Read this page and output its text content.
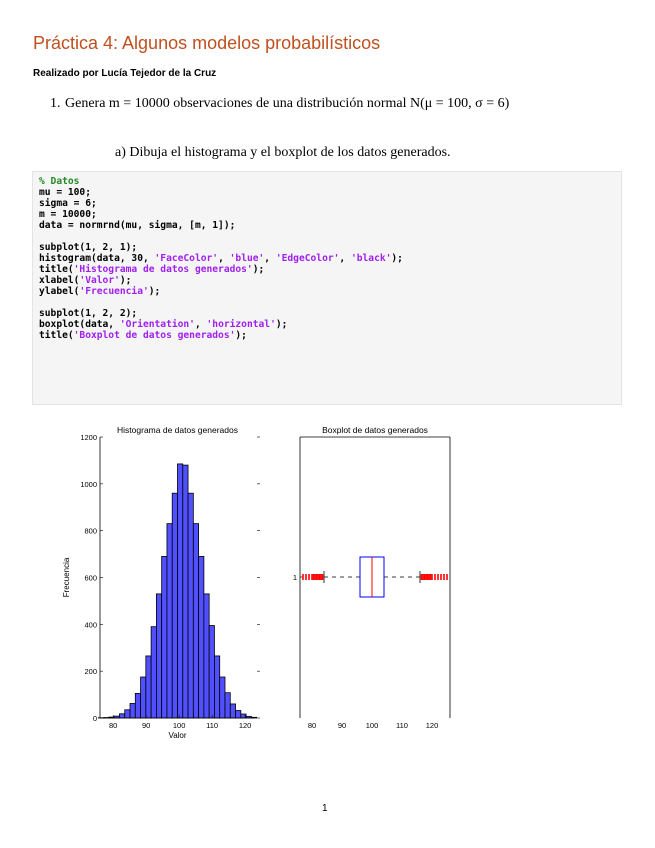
Práctica 4: Algunos modelos probabilísticos
Realizado por Lucía Tejedor de la Cruz
1. Genera m = 10000 observaciones de una distribución normal N(μ = 100, σ = 6)
a) Dibuja el histograma y el boxplot de los datos generados.
% Datos
mu = 100;
sigma = 6;
m = 10000;
data = normrnd(mu, sigma, [m, 1]);
subplot(1, 2, 1);
histogram(data, 30, 'FaceColor', 'blue', 'EdgeColor', 'black');
title('Histograma de datos generados');
xlabel('Valor');
ylabel('Frecuencia');
subplot(1, 2, 2);
boxplot(data, 'Orientation', 'horizontal');
title('Boxplot de datos generados');
0
200
400
600
800
1000
1200
80	90	100	110	120
Histograma de datos generados
Valor
Frecuencia
80	90	100 110 120
1
Boxplot de datos generados
1
